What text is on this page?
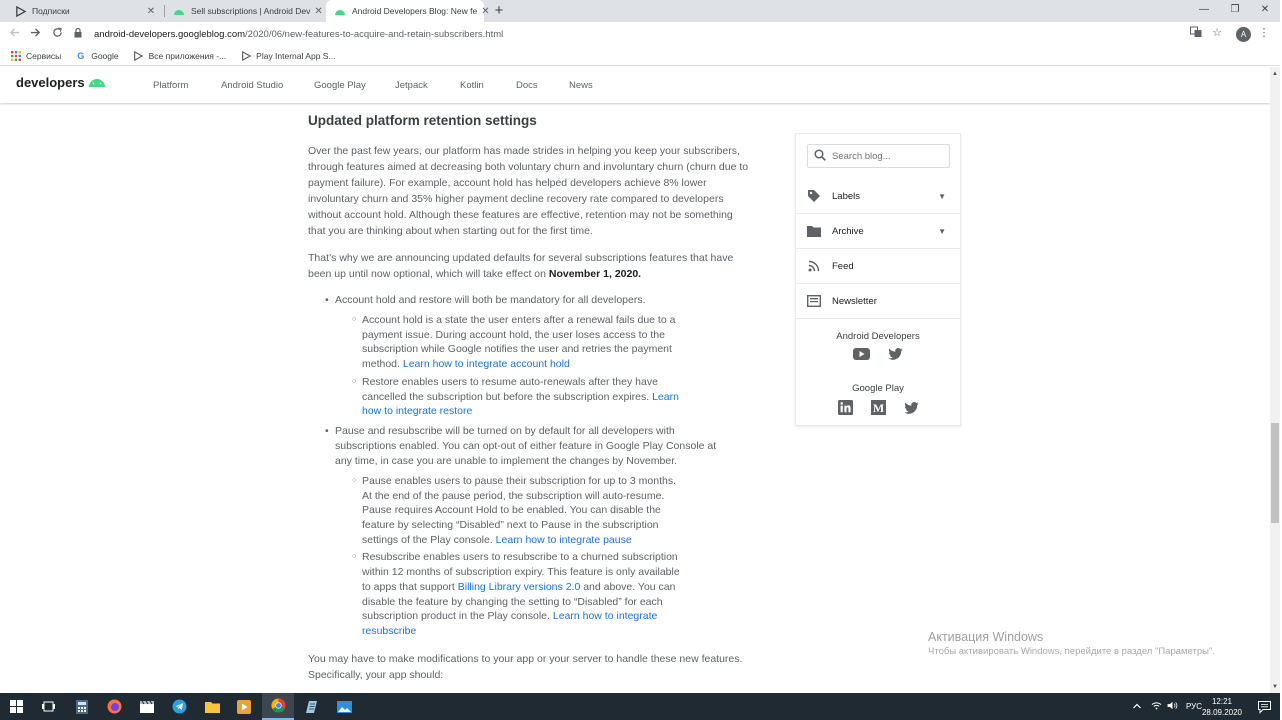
Подписки	✕	Sell subscriptions | Android Dev ✕	Android Developers Blog: New fe ✕ +	—	❐	✕
android-developers.googleblog.com /2020/06/new-features-to-acquire-and-retain-subscribers.html	☆	⋮
A
Сервисы G Google	Все приложения -...	Play Internal App S...
developers	Platform	Android Studio	Google Play	Jetpack	Kotlin	Docs	News
▲
▼
Updated platform retention settings

Over the past few years, our platform has made strides in helping you keep your subscribers, through features aimed at decreasing both voluntary churn and involuntary churn (churn due to payment failure). For example, account hold has helped developers achieve 8% lower involuntary churn and 35% higher payment decline recovery rate compared to developers without account hold. Although these features are effective, retention may not be something that you are thinking about when starting out for the first time.

That’s why we are announcing updated defaults for several subscriptions features that have been up until now optional, which will take effect on November 1, 2020.

• Account hold and restore will both be mandatory for all developers.
○ Account hold is a state the user enters after a renewal fails due to a payment issue. During account hold, the user loses access to the subscription while Google notifies the user and retries the payment method. Learn how to integrate account hold
○ Restore enables users to resume auto-renewals after they have cancelled the subscription but before the subscription expires. Learn how to integrate restore
• Pause and resubscribe will be turned on by default for all developers with subscriptions enabled. You can opt-out of either feature in Google Play Console at any time, in case you are unable to implement the changes by November.
○ Pause enables users to pause their subscription for up to 3 months. At the end of the pause period, the subscription will auto-resume. Pause requires Account Hold to be enabled. You can disable the feature by selecting “Disabled” next to Pause in the subscription settings of the Play console. Learn how to integrate pause
○ Resubscribe enables users to resubscribe to a churned subscription within 12 months of subscription expiry. This feature is only available to apps that support Billing Library versions 2.0 and above. You can disable the feature by changing the setting to “Disabled” for each subscription product in the Play console. Learn how to integrate resubscribe

You may have to make modifications to your app or your server to handle these new features. Specifically, your app should:

Search blog...
Labels	▼
Archive	▼
Feed
Newsletter
Android Developers
Google Play
M
Активация Windows
Чтобы активировать Windows, перейдите в раздел "Параметры".
РУС
12:21
28.09.2020
